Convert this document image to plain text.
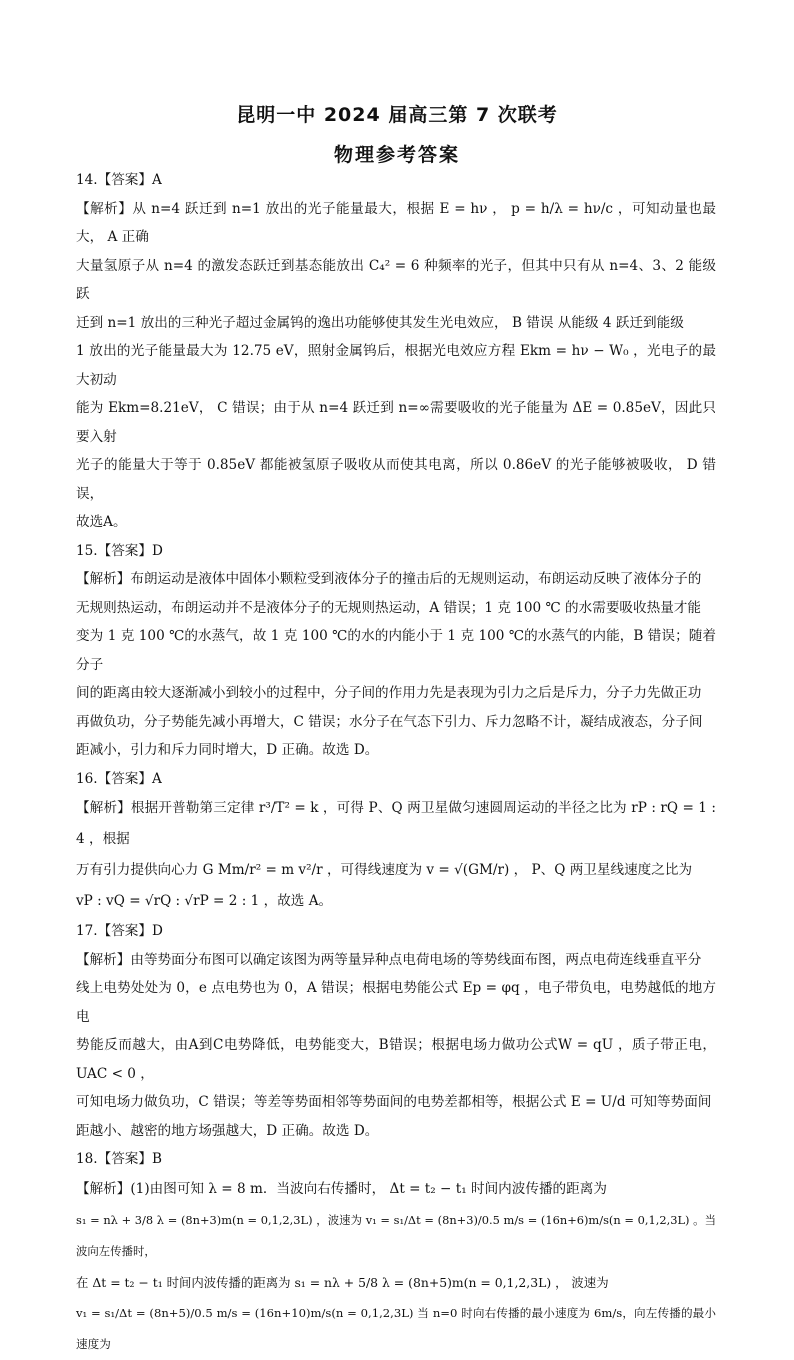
昆明一中 2024 届高三第 7 次联考
物理参考答案

14.【答案】A

【解析】从 n=4 跃迁到 n=1 放出的光子能量最大，根据 E = hν ， p = h/λ = hν/c ，可知动量也最大， A 正确

大量氢原子从 n=4 的激发态跃迁到基态能放出 C₄² = 6 种频率的光子，但其中只有从 n=4、3、2 能级跃

迁到 n=1 放出的三种光子超过金属钨的逸出功能够使其发生光电效应， B 错误 从能级 4 跃迁到能级

1 放出的光子能量最大为 12.75 eV，照射金属钨后，根据光电效应方程 Ekm = hν − W₀ ，光电子的最大初动

能为 Ekm=8.21eV， C 错误；由于从 n=4 跃迁到 n=∞需要吸收的光子能量为 ΔE = 0.85eV，因此只要入射

光子的能量大于等于 0.85eV 都能被氢原子吸收从而使其电离，所以 0.86eV 的光子能够被吸收， D 错误，

故选A。

15.【答案】D

【解析】布朗运动是液体中固体小颗粒受到液体分子的撞击后的无规则运动，布朗运动反映了液体分子的

无规则热运动，布朗运动并不是液体分子的无规则热运动，A 错误；1 克 100 ℃ 的水需要吸收热量才能

变为 1 克 100 ℃的水蒸气，故 1 克 100 ℃的水的内能小于 1 克 100 ℃的水蒸气的内能，B 错误；随着分子

间的距离由较大逐渐减小到较小的过程中，分子间的作用力先是表现为引力之后是斥力，分子力先做正功

再做负功，分子势能先减小再增大，C 错误；水分子在气态下引力、斥力忽略不计，凝结成液态，分子间

距减小，引力和斥力同时增大，D 正确。故选 D。

16.【答案】A

【解析】根据开普勒第三定律 r³/T² = k ，可得 P、Q 两卫星做匀速圆周运动的半径之比为 rP : rQ = 1 : 4 ，根据

万有引力提供向心力 G Mm/r² = m v²/r ，可得线速度为 v = √(GM/r) ， P、Q 两卫星线速度之比为

vP : vQ = √rQ : √rP = 2 : 1 ，故选 A。

17.【答案】D

【解析】由等势面分布图可以确定该图为两等量异种点电荷电场的等势线面布图，两点电荷连线垂直平分

线上电势处处为 0，e 点电势也为 0，A 错误；根据电势能公式 Ep = φq ，电子带负电，电势越低的地方电

势能反而越大，由A到C电势降低，电势能变大，B错误；根据电场力做功公式W = qU ，质子带正电， UAC < 0 ，

可知电场力做负功，C 错误；等差等势面相邻等势面间的电势差都相等，根据公式 E = U/d 可知等势面间

距越小、越密的地方场强越大，D 正确。故选 D。

18.【答案】B

【解析】(1)由图可知 λ = 8 m．当波向右传播时， Δt = t₂ − t₁ 时间内波传播的距离为

s₁ = nλ + 3/8 λ = (8n+3)m(n = 0,1,2,3L) ，波速为 v₁ = s₁/Δt = (8n+3)/0.5 m/s = (16n+6)m/s(n = 0,1,2,3L) 。当波向左传播时，

在 Δt = t₂ − t₁ 时间内波传播的距离为 s₁ = nλ + 5/8 λ = (8n+5)m(n = 0,1,2,3L) ， 波速为

v₁ = s₁/Δt = (8n+5)/0.5 m/s = (16n+10)m/s(n = 0,1,2,3L) 当 n=0 时向右传播的最小速度为 6m/s，向左传播的最小速度为
